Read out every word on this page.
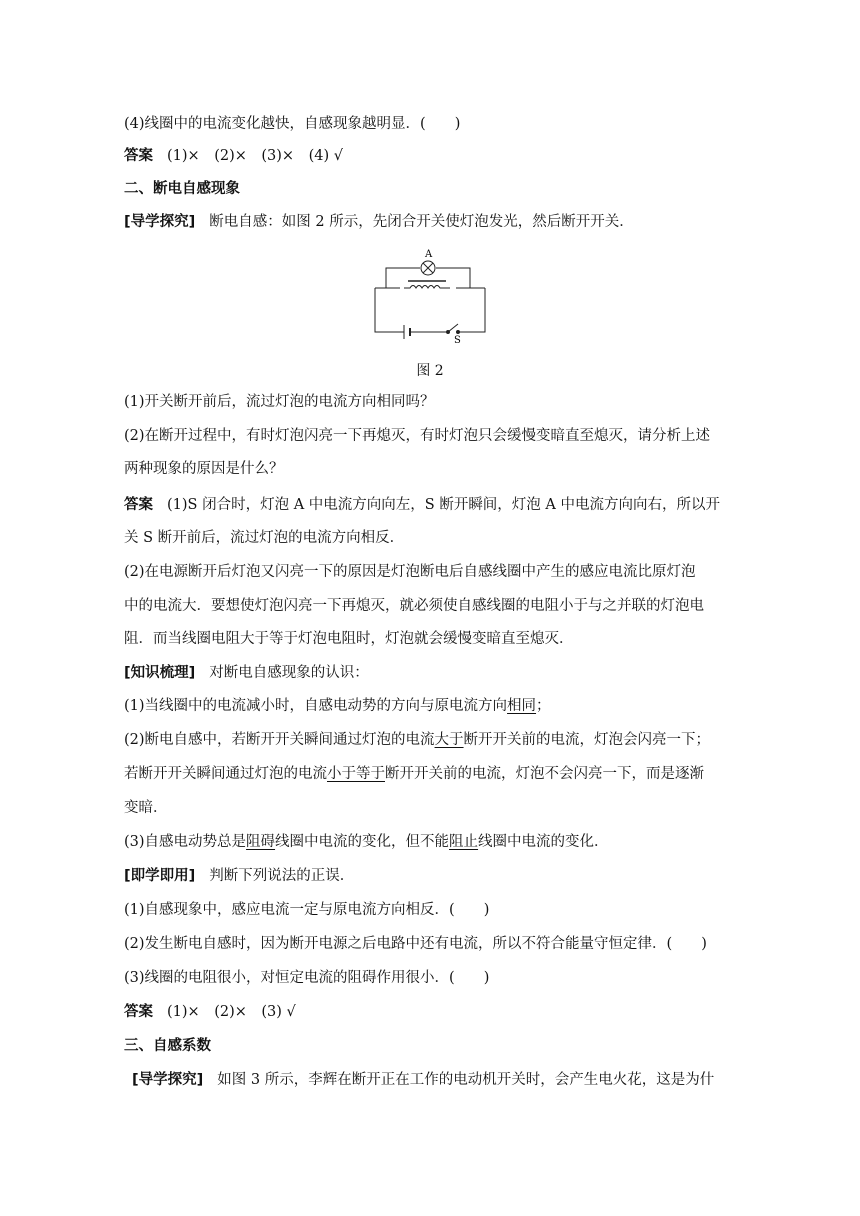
(4)线圈中的电流变化越快，自感现象越明显．(　　)
答案 (1)×　(2)×　(3)×　(4) √
二、断电自感现象
[导学探究] 断电自感：如图 2 所示，先闭合开关使灯泡发光，然后断开开关．
A
S
图 2
(1)开关断开前后，流过灯泡的电流方向相同吗？
(2)在断开过程中，有时灯泡闪亮一下再熄灭，有时灯泡只会缓慢变暗直至熄灭，请分析上述
两种现象的原因是什么？
答案 (1)S 闭合时，灯泡 A 中电流方向向左，S 断开瞬间，灯泡 A 中电流方向向右，所以开
关 S 断开前后，流过灯泡的电流方向相反．
(2)在电源断开后灯泡又闪亮一下的原因是灯泡断电后自感线圈中产生的感应电流比原灯泡
中的电流大．要想使灯泡闪亮一下再熄灭，就必须使自感线圈的电阻小于与之并联的灯泡电
阻．而当线圈电阻大于等于灯泡电阻时，灯泡就会缓慢变暗直至熄灭．
[知识梳理] 对断电自感现象的认识：
(1)当线圈中的电流减小时，自感电动势的方向与原电流方向相同；
(2)断电自感中，若断开开关瞬间通过灯泡的电流大于断开开关前的电流，灯泡会闪亮一下；
若断开开关瞬间通过灯泡的电流小于等于断开开关前的电流，灯泡不会闪亮一下，而是逐渐
变暗．
(3)自感电动势总是阻碍线圈中电流的变化，但不能阻止线圈中电流的变化．
[即学即用] 判断下列说法的正误．
(1)自感现象中，感应电流一定与原电流方向相反．(　　)
(2)发生断电自感时，因为断开电源之后电路中还有电流，所以不符合能量守恒定律．(　　)
(3)线圈的电阻很小，对恒定电流的阻碍作用很小．(　　)
答案 (1)×　(2)×　(3) √
三、自感系数
[导学探究] 如图 3 所示，李辉在断开正在工作的电动机开关时，会产生电火花，这是为什
